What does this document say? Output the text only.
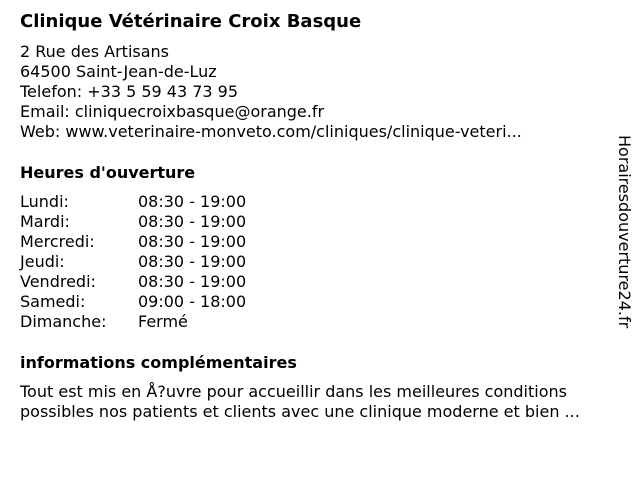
Clinique Vétérinaire Croix Basque
2 Rue des Artisans
64500 Saint-Jean-de-Luz
Telefon: +33 5 59 43 73 95
Email: cliniquecroixbasque@orange.fr
Web: www.veterinaire-monveto.com/cliniques/clinique-veteri...
Heures d'ouverture
Lundi:	08:30 - 19:00
Mardi:	08:30 - 19:00
Mercredi:	08:30 - 19:00
Jeudi:	08:30 - 19:00
Vendredi:	08:30 - 19:00
Samedi:	09:00 - 18:00
Dimanche:	Fermé
informations complémentaires
Tout est mis en Å?uvre pour accueillir dans les meilleures conditions
possibles nos patients et clients avec une clinique moderne et bien ...
Horairesdouverture24.fr
